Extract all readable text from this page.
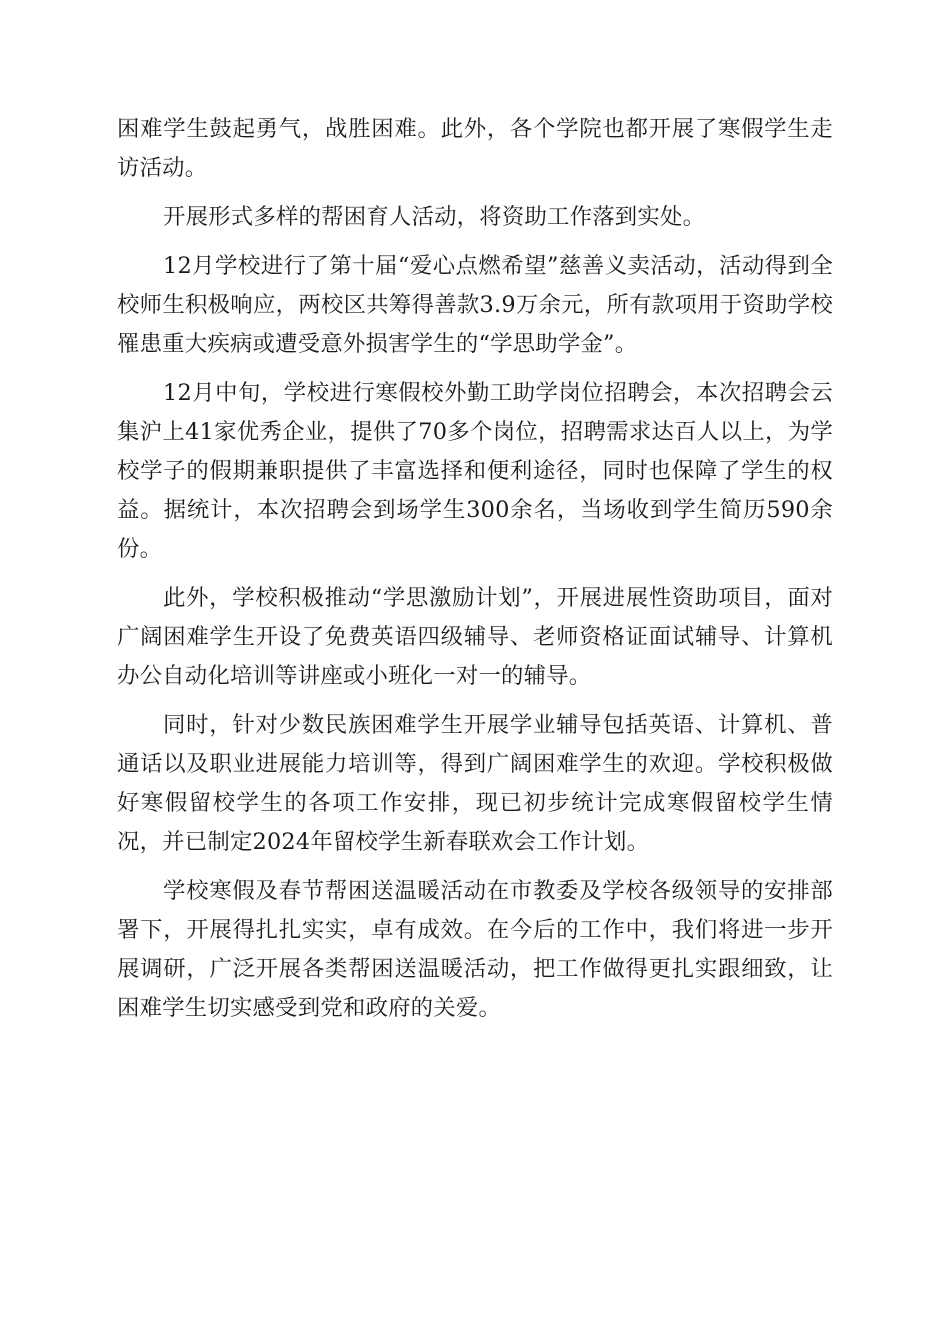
困难学生鼓起勇气，战胜困难。此外，各个学院也都开展了寒假学生走访活动。

开展形式多样的帮困育人活动，将资助工作落到实处。

12月学校进行了第十届“爱心点燃希望”慈善义卖活动，活动得到全校师生积极响应，两校区共筹得善款3.9万余元，所有款项用于资助学校罹患重大疾病或遭受意外损害学生的“学思助学金”。

12月中旬，学校进行寒假校外勤工助学岗位招聘会，本次招聘会云集沪上41家优秀企业，提供了70多个岗位，招聘需求达百人以上，为学校学子的假期兼职提供了丰富选择和便利途径，同时也保障了学生的权益。据统计，本次招聘会到场学生300余名，当场收到学生简历590余份。

此外，学校积极推动“学思激励计划”，开展进展性资助项目，面对广阔困难学生开设了免费英语四级辅导、老师资格证面试辅导、计算机办公自动化培训等讲座或小班化一对一的辅导。

同时，针对少数民族困难学生开展学业辅导包括英语、计算机、普通话以及职业进展能力培训等，得到广阔困难学生的欢迎。学校积极做好寒假留校学生的各项工作安排，现已初步统计完成寒假留校学生情况，并已制定2024年留校学生新春联欢会工作计划。

学校寒假及春节帮困送温暖活动在市教委及学校各级领导的安排部署下，开展得扎扎实实，卓有成效。在今后的工作中，我们将进一步开展调研，广泛开展各类帮困送温暖活动，把工作做得更扎实跟细致，让困难学生切实感受到党和政府的关爱。
